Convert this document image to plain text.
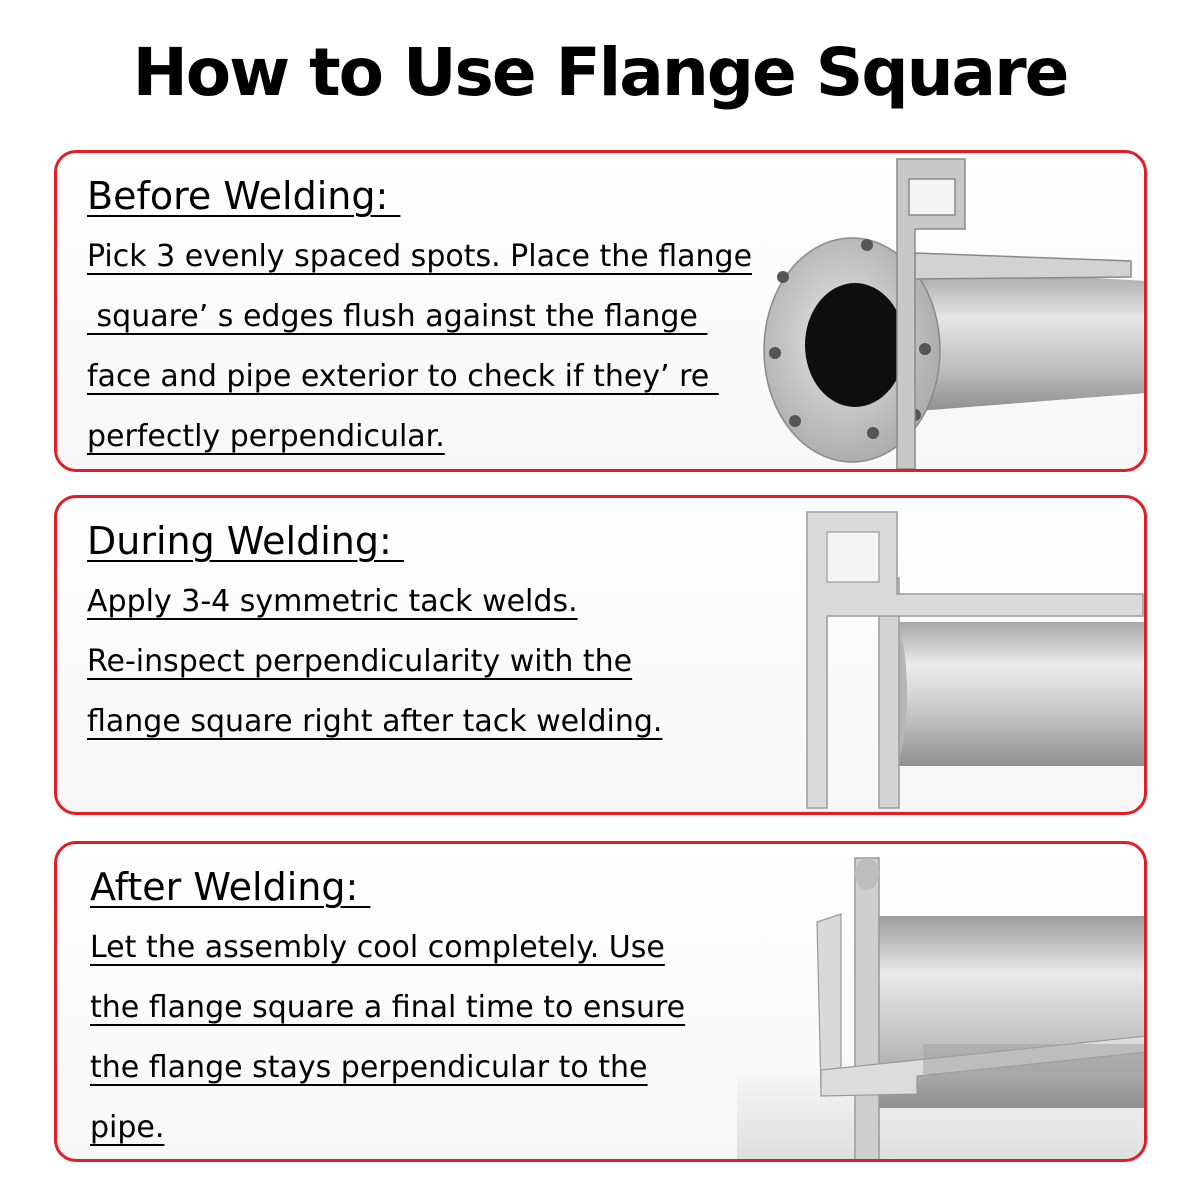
How to Use Flange Square
Before Welding:
Pick 3 evenly spaced spots. Place the flange
square’ s edges flush against the flange
face and pipe exterior to check if they’ re
perfectly perpendicular.
During Welding:
Apply 3-4 symmetric tack welds.
Re-inspect perpendicularity with the
flange square right after tack welding.
After Welding:
Let the assembly cool completely. Use
the flange square a final time to ensure
the flange stays perpendicular to the
pipe.
